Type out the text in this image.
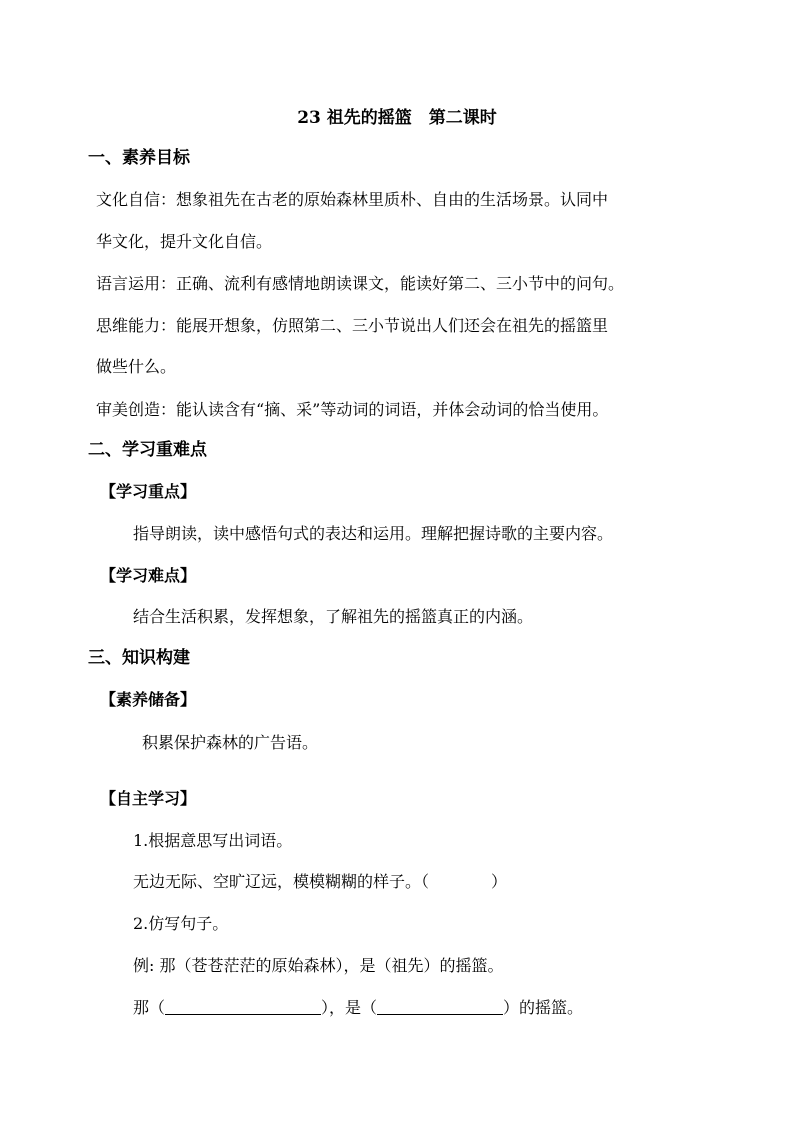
23 祖先的摇篮　第二课时
一、素养目标
文化自信：想象祖先在古老的原始森林里质朴、自由的生活场景。认同中
华文化，提升文化自信。
语言运用：正确、流利有感情地朗读课文，能读好第二、三小节中的问句。
思维能力：能展开想象，仿照第二、三小节说出人们还会在祖先的摇篮里
做些什么。
审美创造：能认读含有“摘、采”等动词的词语，并体会动词的恰当使用。
二、学习重难点
【学习重点】
指导朗读，读中感悟句式的表达和运用。理解把握诗歌的主要内容。
【学习难点】
结合生活积累，发挥想象，了解祖先的摇篮真正的内涵。
三、知识构建
【素养储备】
积累保护森林的广告语。
【自主学习】
1.根据意思写出词语。
无边无际、空旷辽远，模模糊糊的样子。（	）
2.仿写句子。
例: 那（苍苍茫茫的原始森林），是（祖先）的摇篮。
那（	），是（	）的摇篮。
